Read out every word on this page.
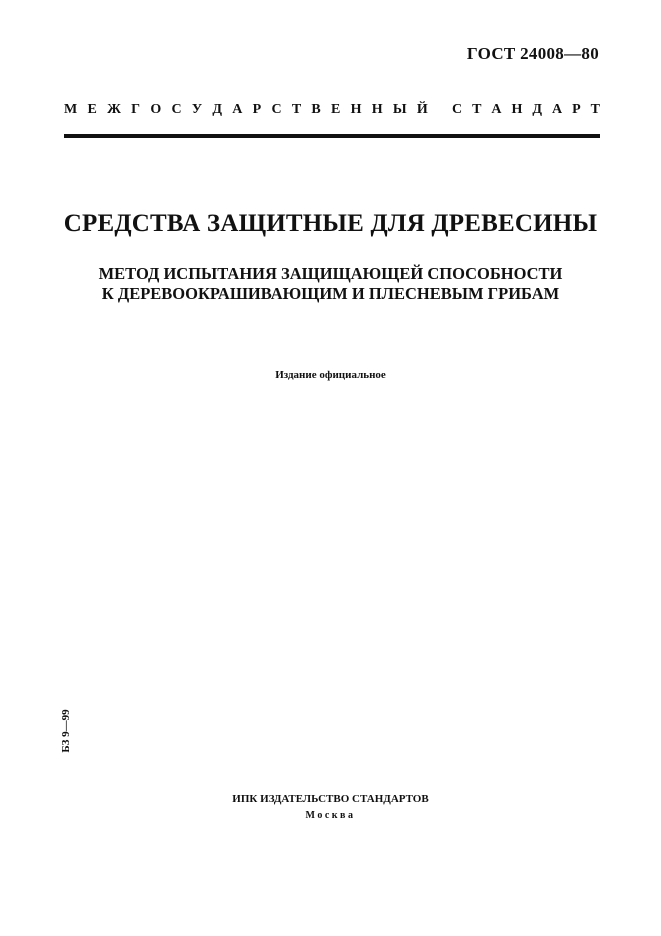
ГОСТ 24008—80
М Е Ж Г О С У Д А Р С Т В Е Н Н Ы Й С Т А Н Д А Р Т
СРЕДСТВА ЗАЩИТНЫЕ ДЛЯ ДРЕВЕСИНЫ
МЕТОД ИСПЫТАНИЯ ЗАЩИЩАЮЩЕЙ СПОСОБНОСТИ
К ДЕРЕВООКРАШИВАЮЩИМ И ПЛЕСНЕВЫМ ГРИБАМ
Издание официальное
БЗ 9—99
ИПК ИЗДАТЕЛЬСТВО СТАНДАРТОВ
Москва
